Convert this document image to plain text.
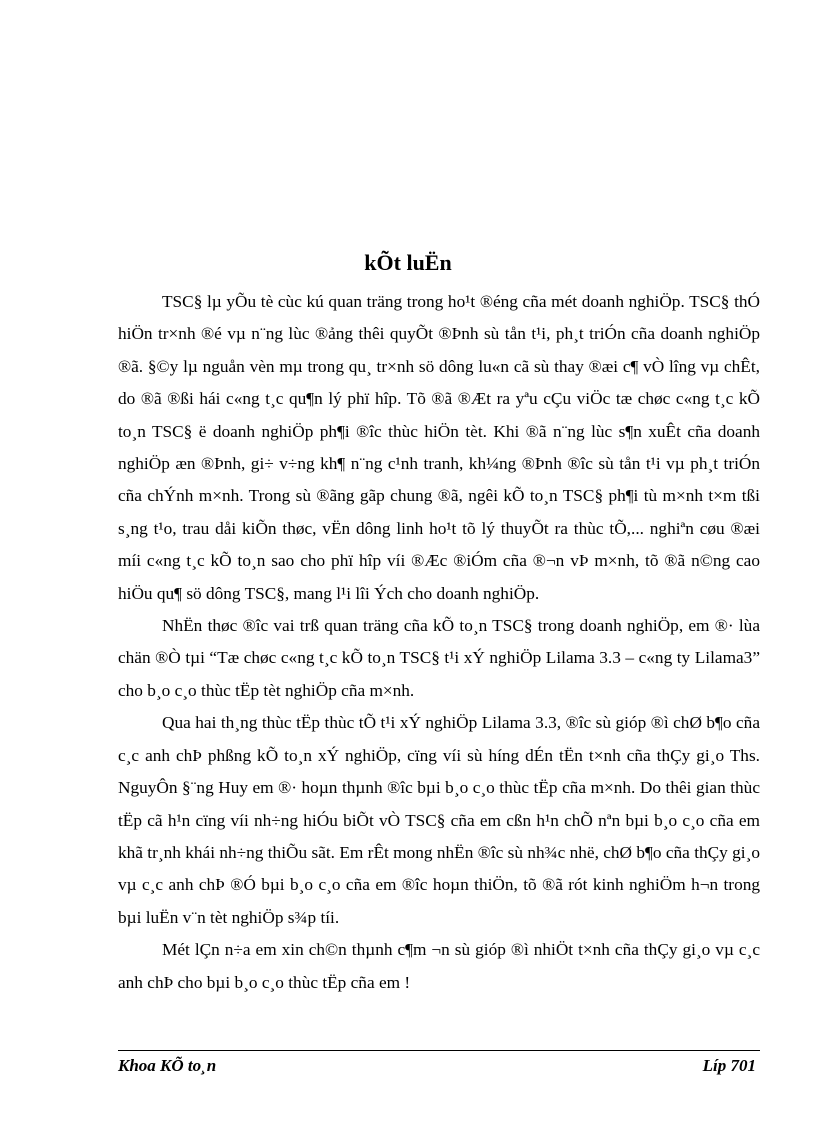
kÕt luËn

TSC§ lµ yÕu tè cùc kú quan träng trong ho¹t ®éng cña mét doanh nghiÖp. TSC§ thÓ hiÖn tr×nh ®é vµ n¨ng lùc ®ảng thêi quyÕt ®Þnh sù tån t¹i, ph¸t triÓn cña doanh nghiÖp ®ã. §©y lµ nguån vèn mµ trong qu¸ tr×nh sö dông lu«n cã sù thay ®æi c¶ vÒ lîng vµ chÊt, do ®ã ®ßi hái c«ng t¸c qu¶n lý phï hîp. Tõ ®ã ®Æt ra yªu cÇu viÖc tæ chøc c«ng t¸c kÕ to¸n TSC§ ë doanh nghiÖp ph¶i ®îc thùc hiÖn tèt. Khi ®ã n¨ng lùc s¶n xuÊt cña doanh nghiÖp æn ®Þnh, gi÷ v÷ng kh¶ n¨ng c¹nh tranh, kh¼ng ®Þnh ®îc sù tån t¹i vµ ph¸t triÓn cña chÝnh m×nh. Trong sù ®ãng gãp chung ®ã, ngêi kÕ to¸n TSC§ ph¶i tù m×nh t×m tßi s¸ng t¹o, trau dåi kiÕn thøc, vËn dông linh ho¹t tõ lý thuyÕt ra thùc tÕ,... nghiªn cøu ®æi míi c«ng t¸c kÕ to¸n sao cho phï hîp víi ®Æc ®iÓm cña ®¬n vÞ m×nh, tõ ®ã n©ng cao hiÖu qu¶ sö dông TSC§, mang l¹i lîi Ých cho doanh nghiÖp.

NhËn thøc ®îc vai trß quan träng cña kÕ to¸n TSC§ trong doanh nghiÖp, em ®· lùa chän ®Ò tµi “Tæ chøc c«ng t¸c kÕ to¸n TSC§ t¹i xÝ nghiÖp Lilama 3.3 – c«ng ty Lilama3” cho b¸o c¸o thùc tËp tèt nghiÖp cña m×nh.

Qua hai th¸ng thùc tËp thùc tÕ t¹i xÝ nghiÖp Lilama 3.3, ®îc sù gióp ®ì chØ b¶o cña c¸c anh chÞ phßng kÕ to¸n xÝ nghiÖp, cïng víi sù híng dÉn tËn t×nh cña thÇy gi¸o Ths. NguyÔn §¨ng Huy em ®· hoµn thµnh ®îc bµi b¸o c¸o thùc tËp cña m×nh. Do thêi gian thùc tËp cã h¹n cïng víi nh÷ng hiÓu biÕt vÒ TSC§ cña em cßn h¹n chÕ nªn bµi b¸o c¸o cña em khã tr¸nh khái nh÷ng thiÕu sãt. Em rÊt mong nhËn ®îc sù nh¾c nhë, chØ b¶o cña thÇy gi¸o vµ c¸c anh chÞ ®Ó bµi b¸o c¸o cña em ®îc hoµn thiÖn, tõ ®ã rót kinh nghiÖm h¬n trong bµi luËn v¨n tèt nghiÖp s¾p tíi.

Mét lÇn n÷a em xin ch©n thµnh c¶m ¬n sù gióp ®ì nhiÖt t×nh cña thÇy gi¸o vµ c¸c anh chÞ cho bµi b¸o c¸o thùc tËp cña em !

Khoa KÕ to¸n	Líp 701
